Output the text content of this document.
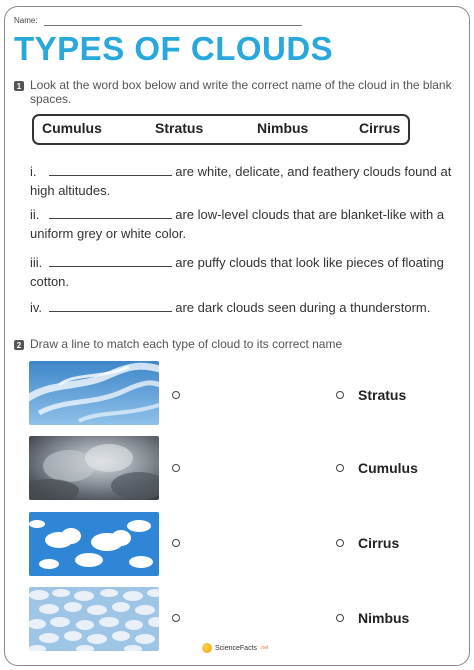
Name:
TYPES OF CLOUDS
1 Look at the word box below and write the correct name of the cloud in the blank spaces.
Cumulus	Stratus	Nimbus	Cirrus
i.	are white, delicate, and feathery clouds found at high altitudes.
ii.	are low-level clouds that are blanket-like with a uniform grey or white color.
iii.	are puffy clouds that look like pieces of floating cotton.
iv.	are dark clouds seen during a thunderstorm.
2 Draw a line to match each type of cloud to its correct name
Stratus
Cumulus
Cirrus
Nimbus
ScienceFacts .net
